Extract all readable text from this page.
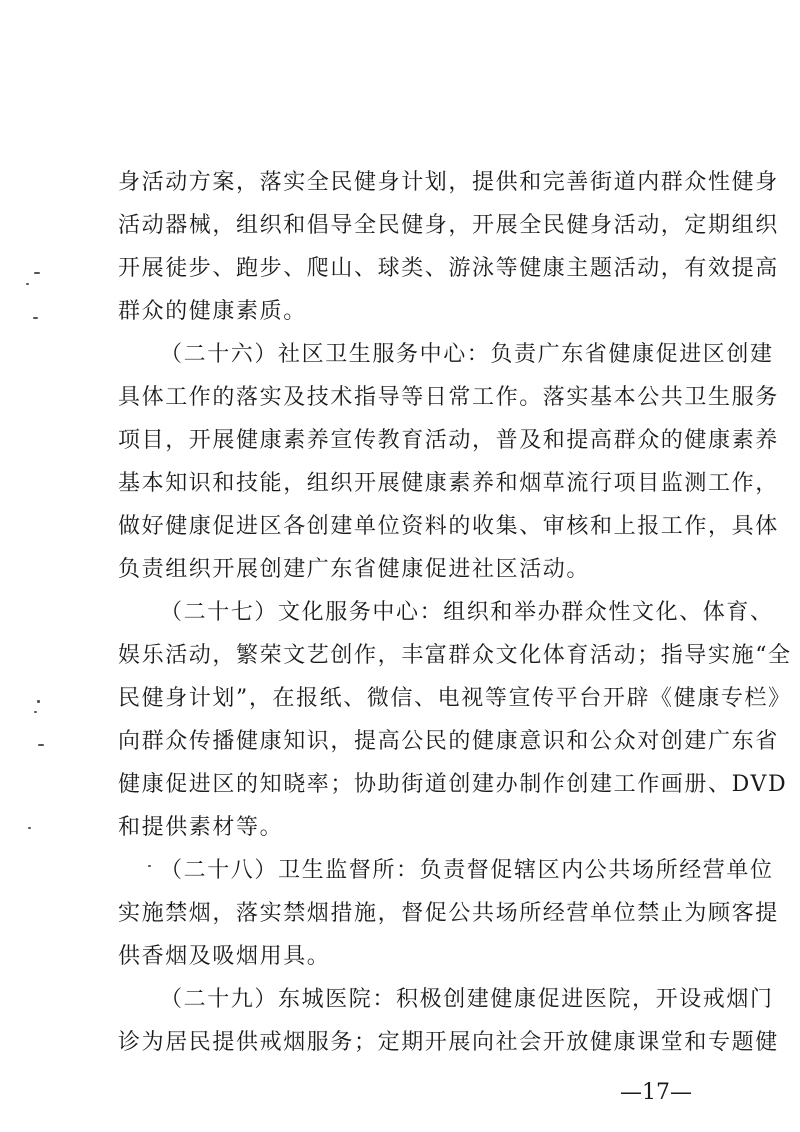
身活动方案，落实全民健身计划，提供和完善街道内群众性健身
活动器械，组织和倡导全民健身，开展全民健身活动，定期组织
开展徒步、跑步、爬山、球类、游泳等健康主题活动，有效提高
群众的健康素质。
（二十六）社区卫生服务中心：负责广东省健康促进区创建
具体工作的落实及技术指导等日常工作。落实基本公共卫生服务
项目，开展健康素养宣传教育活动，普及和提高群众的健康素养
基本知识和技能，组织开展健康素养和烟草流行项目监测工作，
做好健康促进区各创建单位资料的收集、审核和上报工作，具体
负责组织开展创建广东省健康促进社区活动。
（二十七）文化服务中心：组织和举办群众性文化、体育、
娱乐活动，繁荣文艺创作，丰富群众文化体育活动；指导实施“全
民健身计划”，在报纸、微信、电视等宣传平台开辟《健康专栏》
向群众传播健康知识，提高公民的健康意识和公众对创建广东省
健康促进区的知晓率；协助街道创建办制作创建工作画册、DVD
和提供素材等。
（二十八）卫生监督所：负责督促辖区内公共场所经营单位
实施禁烟，落实禁烟措施，督促公共场所经营单位禁止为顾客提
供香烟及吸烟用具。
（二十九）东城医院：积极创建健康促进医院，开设戒烟门
诊为居民提供戒烟服务；定期开展向社会开放健康课堂和专题健
—17—
